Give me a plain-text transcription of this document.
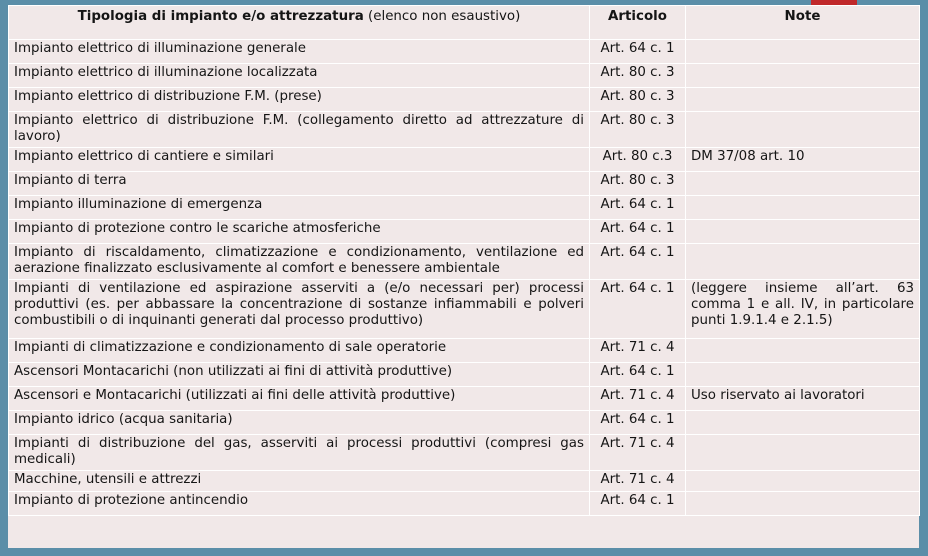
Tipologia di impianto e/o attrezzatura (elenco non esaustivo)	Articolo	Note
Impianto elettrico di illuminazione generale	Art. 64 c. 1	
Impianto elettrico di illuminazione localizzata	Art. 80 c. 3	
Impianto elettrico di distribuzione F.M. (prese)	Art. 80 c. 3	
Impianto elettrico di distribuzione F.M. (collegamento diretto ad attrezzature di lavoro)	Art. 80 c. 3	
Impianto elettrico di cantiere e similari	Art. 80 c.3	DM 37/08 art. 10
Impianto di terra	Art. 80 c. 3	
Impianto illuminazione di emergenza	Art. 64 c. 1	
Impianto di protezione contro le scariche atmosferiche	Art. 64 c. 1	
Impianto di riscaldamento, climatizzazione e condizionamento, ventilazione ed aerazione finalizzato esclusivamente al comfort e benessere ambientale	Art. 64 c. 1	
Impianti di ventilazione ed aspirazione asserviti a (e/o necessari per) processi produttivi (es. per abbassare la concentrazione di sostanze infiammabili e polveri combustibili o di inquinanti generati dal processo produttivo)	Art. 64 c. 1	(leggere insieme all’art. 63 comma 1 e all. IV, in particolare punti 1.9.1.4 e 2.1.5)
Impianti di climatizzazione e condizionamento di sale operatorie	Art. 71 c. 4	
Ascensori Montacarichi (non utilizzati ai fini di attività produttive)	Art. 64 c. 1	
Ascensori e Montacarichi (utilizzati ai fini delle attività produttive)	Art. 71 c. 4	Uso riservato ai lavoratori
Impianto idrico (acqua sanitaria)	Art. 64 c. 1	
Impianti di distribuzione del gas, asserviti ai processi produttivi (compresi gas medicali)	Art. 71 c. 4	
Macchine, utensili e attrezzi	Art. 71 c. 4	
Impianto di protezione antincendio	Art. 64 c. 1	
